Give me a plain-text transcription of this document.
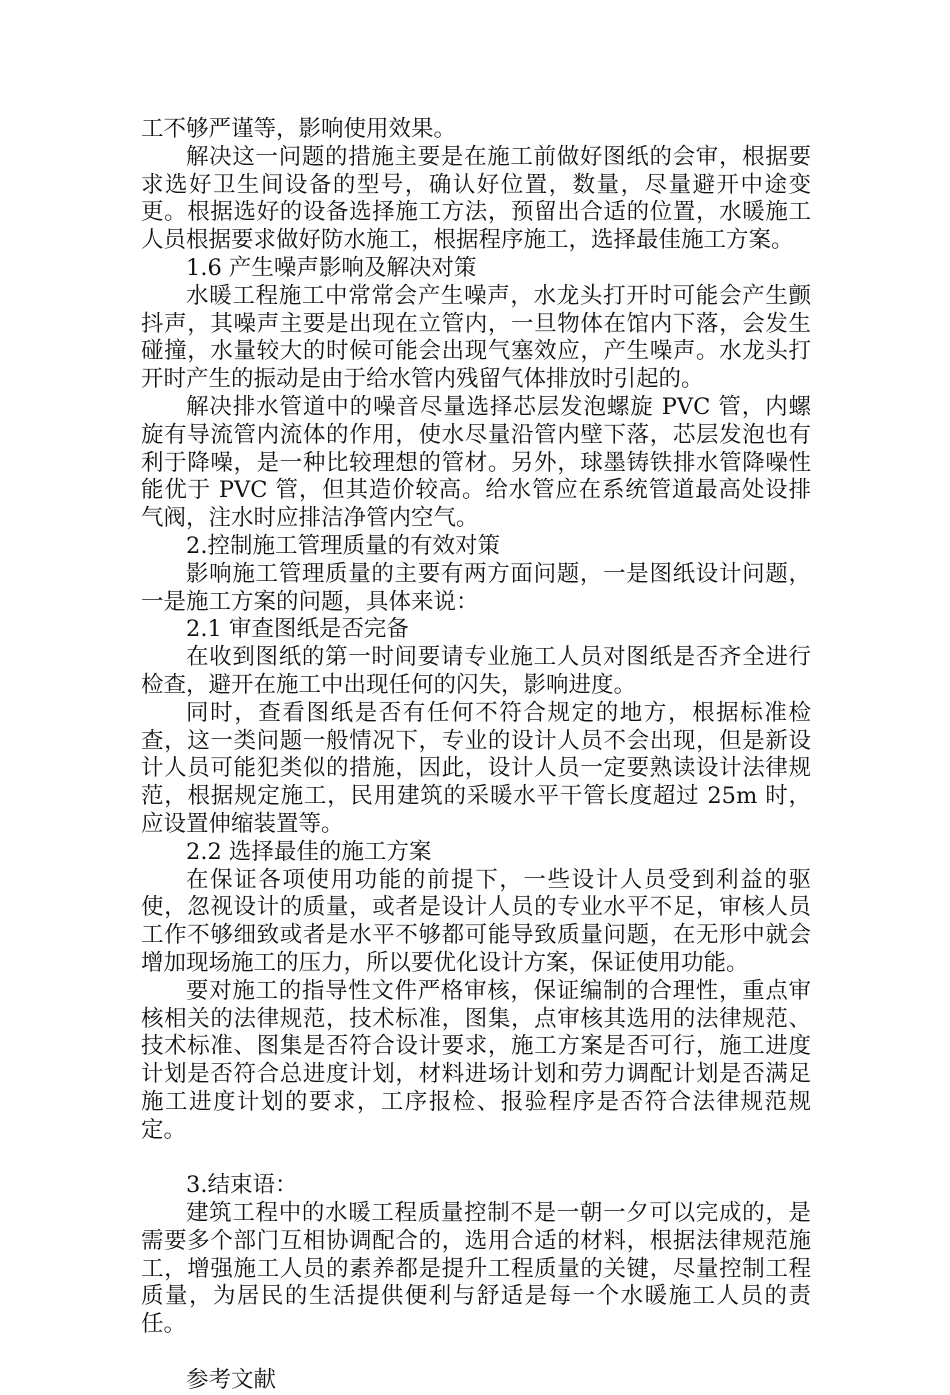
工不够严谨等，影响使用效果。

解决这一问题的措施主要是在施工前做好图纸的会审，根据要求选好卫生间设备的型号，确认好位置，数量，尽量避开中途变更。根据选好的设备选择施工方法，预留出合适的位置，水暖施工人员根据要求做好防水施工，根据程序施工，选择最佳施工方案。

1.6 产生噪声影响及解决对策

水暖工程施工中常常会产生噪声，水龙头打开时可能会产生颤抖声，其噪声主要是出现在立管内，一旦物体在馆内下落，会发生碰撞，水量较大的时候可能会出现气塞效应，产生噪声。水龙头打开时产生的振动是由于给水管内残留气体排放时引起的。

解决排水管道中的噪音尽量选择芯层发泡螺旋 PVC 管，内螺旋有导流管内流体的作用，使水尽量沿管内壁下落，芯层发泡也有利于降噪，是一种比较理想的管材。另外，球墨铸铁排水管降噪性能优于 PVC 管，但其造价较高。给水管应在系统管道最高处设排气阀，注水时应排洁净管内空气。

2.控制施工管理质量的有效对策

影响施工管理质量的主要有两方面问题，一是图纸设计问题，一是施工方案的问题，具体来说：

2.1 审查图纸是否完备

在收到图纸的第一时间要请专业施工人员对图纸是否齐全进行检查，避开在施工中出现任何的闪失，影响进度。

同时，查看图纸是否有任何不符合规定的地方，根据标准检查，这一类问题一般情况下，专业的设计人员不会出现，但是新设计人员可能犯类似的措施，因此，设计人员一定要熟读设计法律规范，根据规定施工，民用建筑的采暖水平干管长度超过 25m 时，应设置伸缩装置等。

2.2 选择最佳的施工方案

在保证各项使用功能的前提下，一些设计人员受到利益的驱使，忽视设计的质量，或者是设计人员的专业水平不足，审核人员工作不够细致或者是水平不够都可能导致质量问题，在无形中就会增加现场施工的压力，所以要优化设计方案，保证使用功能。

要对施工的指导性文件严格审核，保证编制的合理性，重点审核相关的法律规范，技术标准，图集，点审核其选用的法律规范、技术标准、图集是否符合设计要求，施工方案是否可行，施工进度计划是否符合总进度计划，材料进场计划和劳力调配计划是否满足施工进度计划的要求，工序报检、报验程序是否符合法律规范规定。

3.结束语：

建筑工程中的水暖工程质量控制不是一朝一夕可以完成的，是需要多个部门互相协调配合的，选用合适的材料，根据法律规范施工，增强施工人员的素养都是提升工程质量的关键，尽量控制工程质量，为居民的生活提供便利与舒适是每一个水暖施工人员的责任。

参考文献
